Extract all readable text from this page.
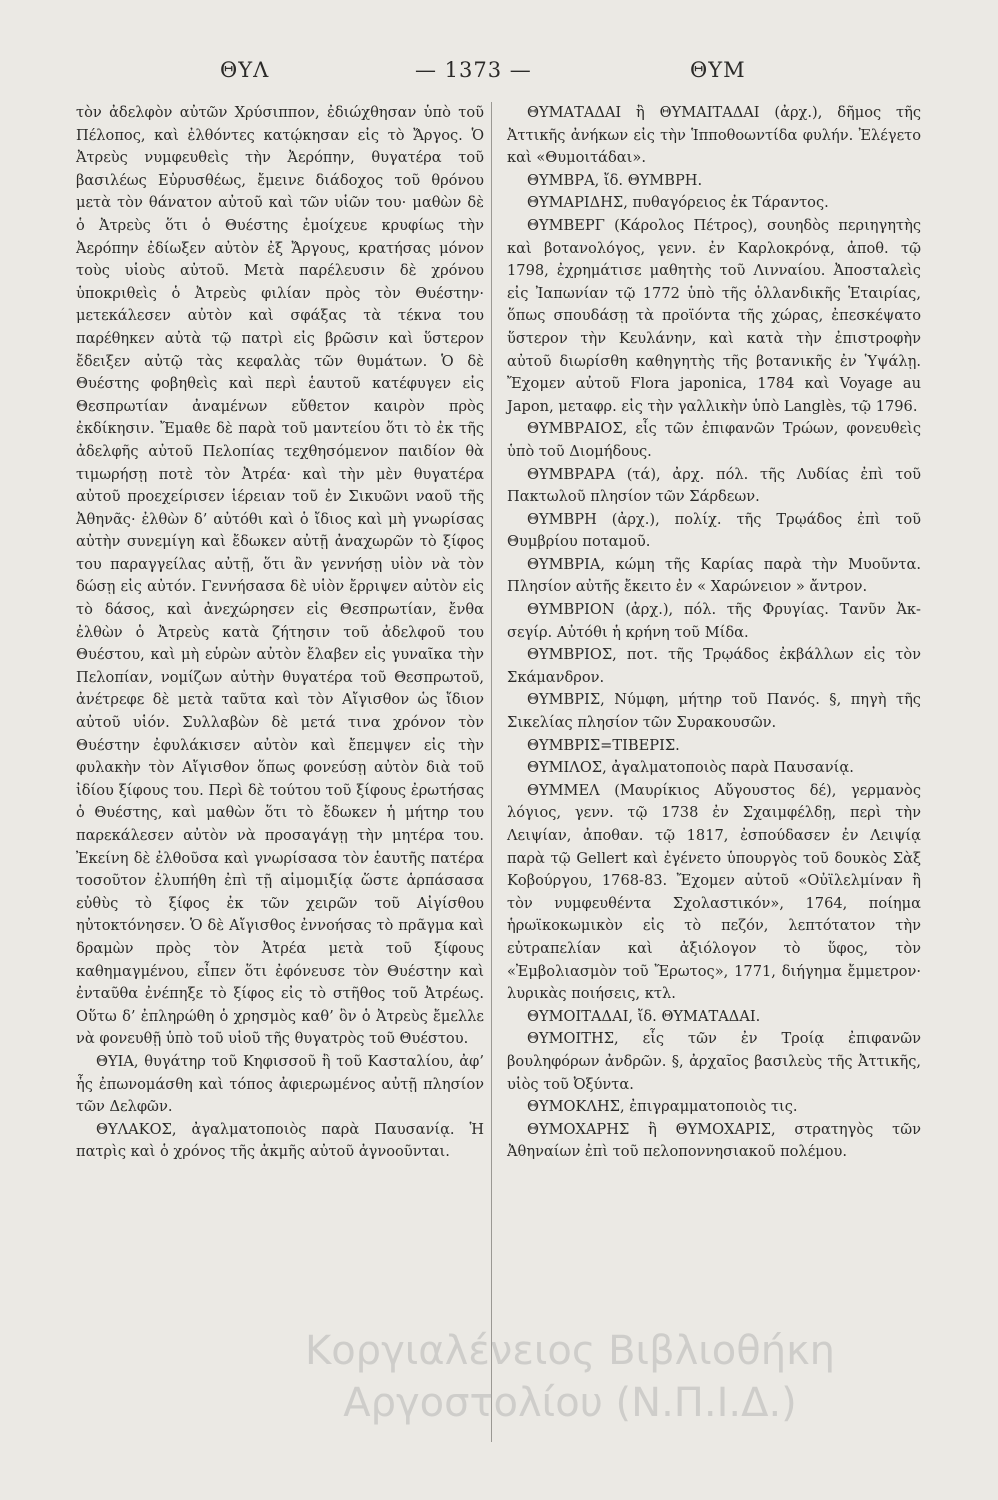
ΘΥΛ	— 1373 —	ΘΥΜ

τὸν ἀδελφὸν αὐτῶν Χρύσιππον, ἐδιώχθησαν ὑπὸ τοῦ Πέλοπος, καὶ ἐλθόντες κατῴκησαν εἰς τὸ Ἄργος. Ὁ Ἀτρεὺς νυμφευθεὶς τὴν Ἀερόπην, θυγατέρα τοῦ βασιλέως Εὐρυσθέως, ἔμεινε διάδοχος τοῦ θρόνου μετὰ τὸν θάνατον αὐτοῦ καὶ τῶν υἱῶν του· μαθὼν δὲ ὁ Ἀτρεὺς ὅτι ὁ Θυέστης ἐμοίχευε κρυφίως τὴν Ἀερόπην ἐδίωξεν αὐτὸν ἐξ Ἄργους, κρατήσας μόνον τοὺς υἱοὺς αὐτοῦ. Μετὰ παρέλευσιν δὲ χρόνου ὑποκριθεὶς ὁ Ἀτρεὺς φιλίαν πρὸς τὸν Θυέστην· μετεκάλεσεν αὐτὸν καὶ σφάξας τὰ τέκνα του παρέθηκεν αὐτὰ τῷ πατρὶ εἰς βρῶσιν καὶ ὕστερον ἔδειξεν αὐτῷ τὰς κεφαλὰς τῶν θυμάτων. Ὁ δὲ Θυέστης φοβηθεὶς καὶ περὶ ἑαυτοῦ κατέφυγεν εἰς Θεσπρωτίαν ἀναμένων εὔθετον καιρὸν πρὸς ἐκδίκησιν. Ἔμαθε δὲ παρὰ τοῦ μαντείου ὅτι τὸ ἐκ τῆς ἀδελφῆς αὐτοῦ Πελοπίας τεχθησόμενον παιδίον θὰ τιμωρήσῃ ποτὲ τὸν Ἀτρέα· καὶ τὴν μὲν θυγατέρα αὐτοῦ προεχείρισεν ἱέρειαν τοῦ ἐν Σικυῶνι ναοῦ τῆς Ἀθηνᾶς· ἐλθὼν δ’ αὐτόθι καὶ ὁ ἴδιος καὶ μὴ γνωρίσας αὐτὴν συνεμίγη καὶ ἔδωκεν αὐτῇ ἀναχωρῶν τὸ ξίφος του παραγγείλας αὐτῇ, ὅτι ἂν γεννήσῃ υἱὸν νὰ τὸν δώσῃ εἰς αὐτόν. Γεννήσασα δὲ υἱὸν ἔρριψεν αὐτὸν εἰς τὸ δάσος, καὶ ἀνεχώρησεν εἰς Θεσπρωτίαν, ἔνθα ἐλθὼν ὁ Ἀτρεὺς κατὰ ζήτησιν τοῦ ἀδελφοῦ του Θυέστου, καὶ μὴ εὑρὼν αὐτὸν ἔλαβεν εἰς γυναῖκα τὴν Πελοπίαν, νομίζων αὐτὴν θυγατέρα τοῦ Θεσπρωτοῦ, ἀνέτρεφε δὲ μετὰ ταῦτα καὶ τὸν Αἴγισθον ὡς ἴδιον αὐτοῦ υἱόν. Συλλαβὼν δὲ μετά τινα χρόνον τὸν Θυέστην ἐφυλάκισεν αὐτὸν καὶ ἔπεμψεν εἰς τὴν φυλακὴν τὸν Αἴγισθον ὅπως φονεύσῃ αὐτὸν διὰ τοῦ ἰδίου ξίφους του. Περὶ δὲ τούτου τοῦ ξίφους ἐρωτήσας ὁ Θυέστης, καὶ μαθὼν ὅτι τὸ ἔδωκεν ἡ μήτηρ του παρεκάλεσεν αὐτὸν νὰ προσαγάγῃ τὴν μητέρα του. Ἐκείνη δὲ ἐλθοῦσα καὶ γνωρίσασα τὸν ἑαυτῆς πατέρα τοσοῦτον ἐλυπήθη ἐπὶ τῇ αἱμομιξίᾳ ὥστε ἁρπάσασα εὐθὺς τὸ ξίφος ἐκ τῶν χειρῶν τοῦ Αἰγίσθου ηὐτοκτόνησεν. Ὁ δὲ Αἴγισθος ἐννοήσας τὸ πρᾶγμα καὶ δραμὼν πρὸς τὸν Ἀτρέα μετὰ τοῦ ξίφους καθημαγμένου, εἶπεν ὅτι ἐφόνευσε τὸν Θυέστην καὶ ἐνταῦθα ἐνέπηξε τὸ ξίφος εἰς τὸ στῆθος τοῦ Ἀτρέως. Οὕτω δ’ ἐπληρώθη ὁ χρησμὸς καθ’ ὃν ὁ Ἀτρεὺς ἔμελλε νὰ φονευθῇ ὑπὸ τοῦ υἱοῦ τῆς θυγατρὸς τοῦ Θυέστου.

ΘΥΙΑ, θυγάτηρ τοῦ Κηφισσοῦ ἢ τοῦ Κασταλίου, ἀφ’ ἧς ἐπωνομάσθη καὶ τόπος ἀφιερωμένος αὐτῇ πλησίον τῶν Δελφῶν.

ΘΥΛΑΚΟΣ, ἀγαλματοποιὸς παρὰ Παυσανίᾳ. Ἡ πατρὶς καὶ ὁ χρόνος τῆς ἀκμῆς αὐτοῦ ἀγνοοῦνται.

ΘΥΜΑΤΑΔΑΙ ἢ ΘΥΜΑΙΤΑΔΑΙ (ἀρχ.), δῆμος τῆς Ἀττικῆς ἀνήκων εἰς τὴν Ἱπποθοωντίδα φυλήν. Ἐλέγετο καὶ «Θυμοιτάδαι».

ΘΥΜΒΡΑ, ἴδ. ΘΥΜΒΡΗ.

ΘΥΜΑΡΙΔΗΣ, πυθαγόρειος ἐκ Τάραντος.

ΘΥΜΒΕΡΓ (Κάρολος Πέτρος), σουηδὸς περιηγητὴς καὶ βοτανολόγος, γενν. ἐν Καρλοκρόνᾳ, ἀποθ. τῷ 1798, ἐχρημάτισε μαθητὴς τοῦ Λινναίου. Ἀποσταλεὶς εἰς Ἰαπωνίαν τῷ 1772 ὑπὸ τῆς ὁλλανδικῆς Ἑταιρίας, ὅπως σπουδάσῃ τὰ προϊόντα τῆς χώρας, ἐπεσκέψατο ὕστερον τὴν Κευλάνην, καὶ κατὰ τὴν ἐπιστροφὴν αὐτοῦ διωρίσθη καθηγητὴς τῆς βοτανικῆς ἐν Ὑψάλῃ. Ἔχομεν αὐτοῦ Flora japonica, 1784 καὶ Voyage au Japon, μεταφρ. εἰς τὴν γαλλικὴν ὑπὸ Langlès, τῷ 1796.

ΘΥΜΒΡΑΙΟΣ, εἷς τῶν ἐπιφανῶν Τρώων, φονευθεὶς ὑπὸ τοῦ Διομήδους.

ΘΥΜΒΡΑΡΑ (τά), ἀρχ. πόλ. τῆς Λυδίας ἐπὶ τοῦ Πακτωλοῦ πλησίον τῶν Σάρδεων.

ΘΥΜΒΡΗ (ἀρχ.), πολίχ. τῆς Τρῳάδος ἐπὶ τοῦ Θυμβρίου ποταμοῦ.

ΘΥΜΒΡΙΑ, κώμη τῆς Καρίας παρὰ τὴν Μυοῦντα. Πλησίον αὐτῆς ἔκειτο ἐν « Χαρώνειον » ἄντρον.

ΘΥΜΒΡΙΟΝ (ἀρχ.), πόλ. τῆς Φρυγίας. Τανῦν Ἀκ-σεγίρ. Αὐτόθι ἡ κρήνη τοῦ Μίδα.

ΘΥΜΒΡΙΟΣ, ποτ. τῆς Τρῳάδος ἐκβάλλων εἰς τὸν Σκάμανδρον.

ΘΥΜΒΡΙΣ, Νύμφη, μήτηρ τοῦ Πανός. §, πηγὴ τῆς Σικελίας πλησίον τῶν Συρακουσῶν.

ΘΥΜΒΡΙΣ=ΤΙΒΕΡΙΣ.

ΘΥΜΙΛΟΣ, ἀγαλματοποιὸς παρὰ Παυσανίᾳ.

ΘΥΜΜΕΛ (Μαυρίκιος Αὔγουστος δέ), γερμανὸς λόγιος, γενν. τῷ 1738 ἐν Σχαιμφέλδῃ, περὶ τὴν Λειψίαν, ἀποθαν. τῷ 1817, ἐσπούδασεν ἐν Λειψίᾳ παρὰ τῷ Gellert καὶ ἐγένετο ὑπουργὸς τοῦ δουκὸς Σὰξ Κοβούργου, 1768-83. Ἔχομεν αὐτοῦ «Οὐϊλελμίναν ἢ τὸν νυμφευθέντα Σχολαστικόν», 1764, ποίημα ἡρωϊκοκωμικὸν εἰς τὸ πεζόν, λεπτότατον τὴν εὐτραπελίαν καὶ ἀξιόλογον τὸ ὕφος, τὸν «Ἐμβολιασμὸν τοῦ Ἔρωτος», 1771, διήγημα ἔμμετρον· λυρικὰς ποιήσεις, κτλ.

ΘΥΜΟΙΤΑΔΑΙ, ἴδ. ΘΥΜΑΤΑΔΑΙ.

ΘΥΜΟΙΤΗΣ, εἷς τῶν ἐν Τροίᾳ ἐπιφανῶν βουληφόρων ἀνδρῶν. §, ἀρχαῖος βασιλεὺς τῆς Ἀττικῆς, υἱὸς τοῦ Ὀξύντα.

ΘΥΜΟΚΛΗΣ, ἐπιγραμματοποιὸς τις.

ΘΥΜΟΧΑΡΗΣ ἢ ΘΥΜΟΧΑΡΙΣ, στρατηγὸς τῶν Ἀθηναίων ἐπὶ τοῦ πελοποννησιακοῦ πολέμου.

Κοργιαλένειος Βιβλιοθήκη Αργοστολίου (Ν.Π.Ι.Δ.)
